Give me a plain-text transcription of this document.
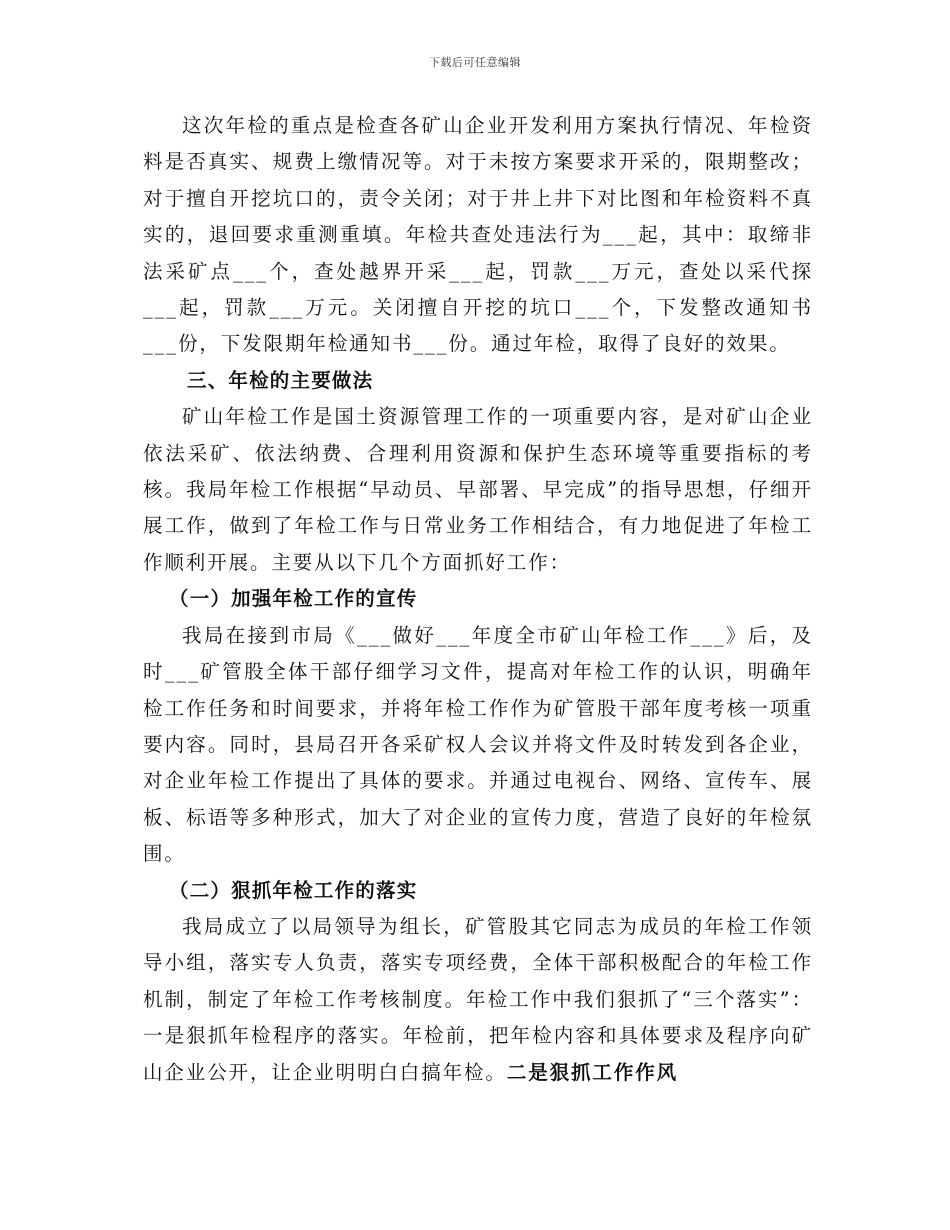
下载后可任意编辑

这次年检的重点是检查各矿山企业开发利用方案执行情况、年检资料是否真实、规费上缴情况等。对于未按方案要求开采的，限期整改；对于擅自开挖坑口的，责令关闭；对于井上井下对比图和年检资料不真实的，退回要求重测重填。年检共查处违法行为___起，其中：取缔非法采矿点___个，查处越界开采___起，罚款___万元，查处以采代探___起，罚款___万元。关闭擅自开挖的坑口___个，下发整改通知书___份，下发限期年检通知书___份。通过年检，取得了良好的效果。

三、年检的主要做法

矿山年检工作是国土资源管理工作的一项重要内容，是对矿山企业依法采矿、依法纳费、合理利用资源和保护生态环境等重要指标的考核。我局年检工作根据“早动员、早部署、早完成”的指导思想，仔细开展工作，做到了年检工作与日常业务工作相结合，有力地促进了年检工作顺利开展。主要从以下几个方面抓好工作：

（一）加强年检工作的宣传

我局在接到市局《___做好___年度全市矿山年检工作___》后，及时___矿管股全体干部仔细学习文件，提高对年检工作的认识，明确年检工作任务和时间要求，并将年检工作作为矿管股干部年度考核一项重要内容。同时，县局召开各采矿权人会议并将文件及时转发到各企业，对企业年检工作提出了具体的要求。并通过电视台、网络、宣传车、展板、标语等多种形式，加大了对企业的宣传力度，营造了良好的年检氛围。

（二）狠抓年检工作的落实

我局成立了以局领导为组长，矿管股其它同志为成员的年检工作领导小组，落实专人负责，落实专项经费，全体干部积极配合的年检工作机制，制定了年检工作考核制度。年检工作中我们狠抓了“三个落实”：一是狠抓年检程序的落实。年检前，把年检内容和具体要求及程序向矿山企业公开，让企业明明白白搞年检。二是狠抓工作作风
